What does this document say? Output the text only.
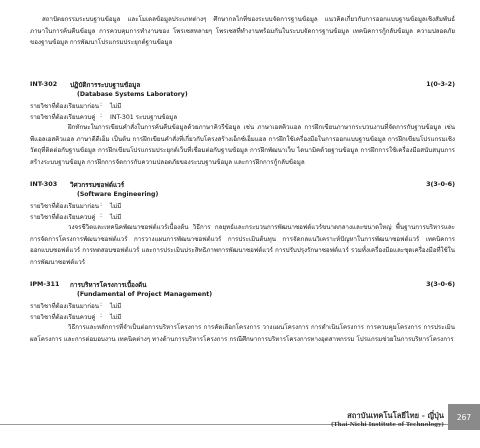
สถาปัตยกรรมระบบฐานข้อมูล และโมเดลข้อมูลประเภทต่างๆ ศึกษากลไกที่ของระบบจัดการฐานข้อมูล แนวคิดเกี่ยวกับการออกแบบฐานข้อมูลเชิงสัมพันธ์ ภาษาในการค้นคืนข้อมูล การควบคุมการทำงานของ โพรเซสหลายๆ โพรเซสที่ทำงานพร้อมกันในระบบจัดการฐานข้อมูล เทคนิคการกู้กลับข้อมูล ความปลอดภัยของฐานข้อมูล การพัฒนาโปรแกรมประยุกต์ฐานข้อมูล

INT-302 ปฏิบัติการระบบฐานข้อมูล	1(0-3-2)
(Database Systems Laboratory)
รายวิชาที่ต้องเรียนมาก่อน : ไม่มี
รายวิชาที่ต้องเรียนควบคู่ : INT-301 ระบบฐานข้อมูล

ฝึกทักษะในการเขียนคำสั่งในการค้นคืนข้อมูลด้วยภาษาคิวรีข้อมูล เช่น ภาษาเอสคิวแอล การฝึกเขียนภาษากระบวนงานที่จัดการกับฐานข้อมูล เช่น พีแอลเอสคิวแอล ภาษาดีดีเอ็ม เป็นต้น การฝึกเขียนคำสั่งที่เกี่ยวกับโครงสร้างเอ็กซ์เอ็มแอล การฝึกใช้เครื่องมือในการออกแบบฐานข้อมูล การฝึกเขียนโปรแกรมเชิงวัตถุที่ติดต่อกับฐานข้อมูล การฝึกเขียนโปรแกรมประยุกต์เว็บที่เชื่อมต่อกับฐานข้อมูล การฝึกพัฒนาเว็บ ไดนามิคด้วยฐานข้อมูล การฝึกการใช้เครื่องมือสนับสนุนการสร้างระบบฐานข้อมูล การฝึกการจัดการกับความปลอดภัยของระบบฐานข้อมูล และการฝึกการกู้กลับข้อมูล

INT-303 วิศวกรรมซอฟต์แวร์	3(3-0-6)
(Software Engineering)
รายวิชาที่ต้องเรียนมาก่อน : ไม่มี
รายวิชาที่ต้องเรียนควบคู่ : ไม่มี

วงจรชีวิตและเทคนิคพัฒนาซอฟต์แวร์เบื้องต้น วิธีการ กลยุทธ์และกระบวนการพัฒนาซอฟต์แวร์ขนาดกลางและขนาดใหญ่ พื้นฐานการบริหารและการจัดการโครงการพัฒนาซอฟต์แวร์ การวางแผนการพัฒนาซอฟต์แวร์ การประเมินต้นทุน การจัดกลแนวิเคราะห์ปัญหาในการพัฒนาซอฟต์แวร์ เทคนิคการออกแบบซอฟต์แวร์ การทดสอบซอฟต์แวร์ และการประเมินประสิทธิภาพการพัฒนาซอฟต์แวร์ การปรับปรุงรักษาซอฟต์แวร์ รวมทั้งเครื่องมือและชุดเครื่องมือที่ใช้ในการพัฒนาซอฟต์แวร์

IPM-311 การบริหารโครงการเบื้องต้น	3(3-0-6)
(Fundamental of Project Management)
รายวิชาที่ต้องเรียนมาก่อน : ไม่มี
รายวิชาที่ต้องเรียนควบคู่ : ไม่มี

วิธีการและหลักการที่จำเป็นต่อการบริหารโครงการ การคัดเลือกโครงการ วางแผนโครงการ การดำเนินโครงการ การควบคุมโครงการ การประเมินผลโครงการ และการต่อมอบงาน เทคนิคต่างๆ ทางด้านการบริหารโครงการ กรณีศึกษาการบริหารโครงการทางอุตสาหกรรม โปรแกรมช่วยในการบริหารโครงการ

สถาบันเทคโนโลยีไทย - ญี่ปุ่น
(Thai-Nichi Institute of Technology)
267
